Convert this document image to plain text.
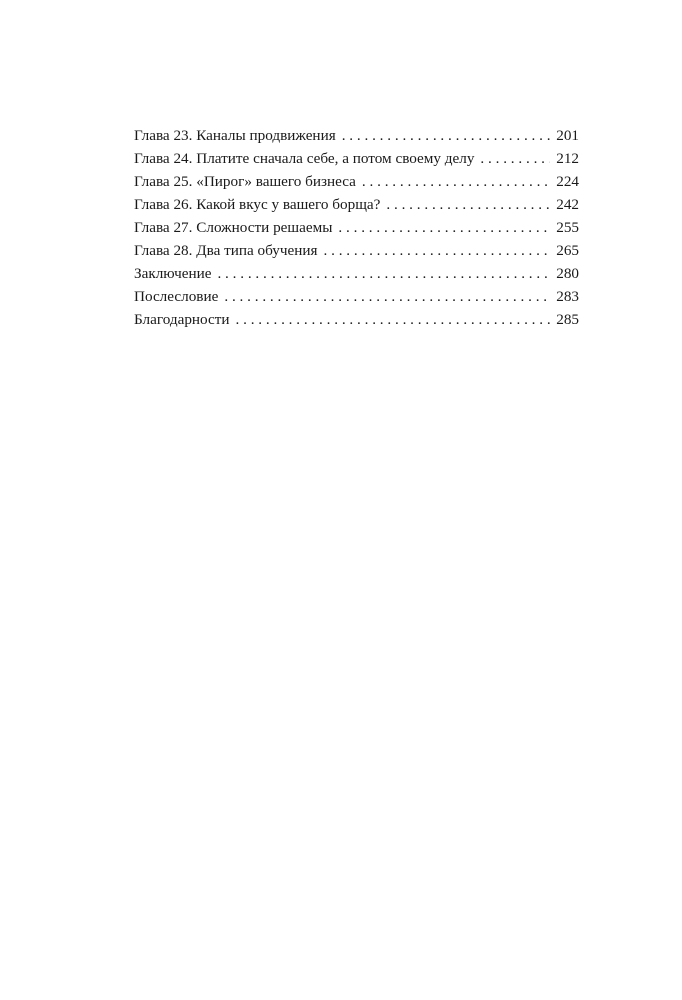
Глава 23. Каналы продвижения . . .	201
Глава 24. Платите сначала себе, а потом своему делу . . .	212
Глава 25. «Пирог» вашего бизнеса . . .	224
Глава 26. Какой вкус у вашего борща? . . .	242
Глава 27. Сложности решаемы . . .	255
Глава 28. Два типа обучения . . .	265
Заключение . . .	280
Послесловие . . .	283
Благодарности . . .	285
